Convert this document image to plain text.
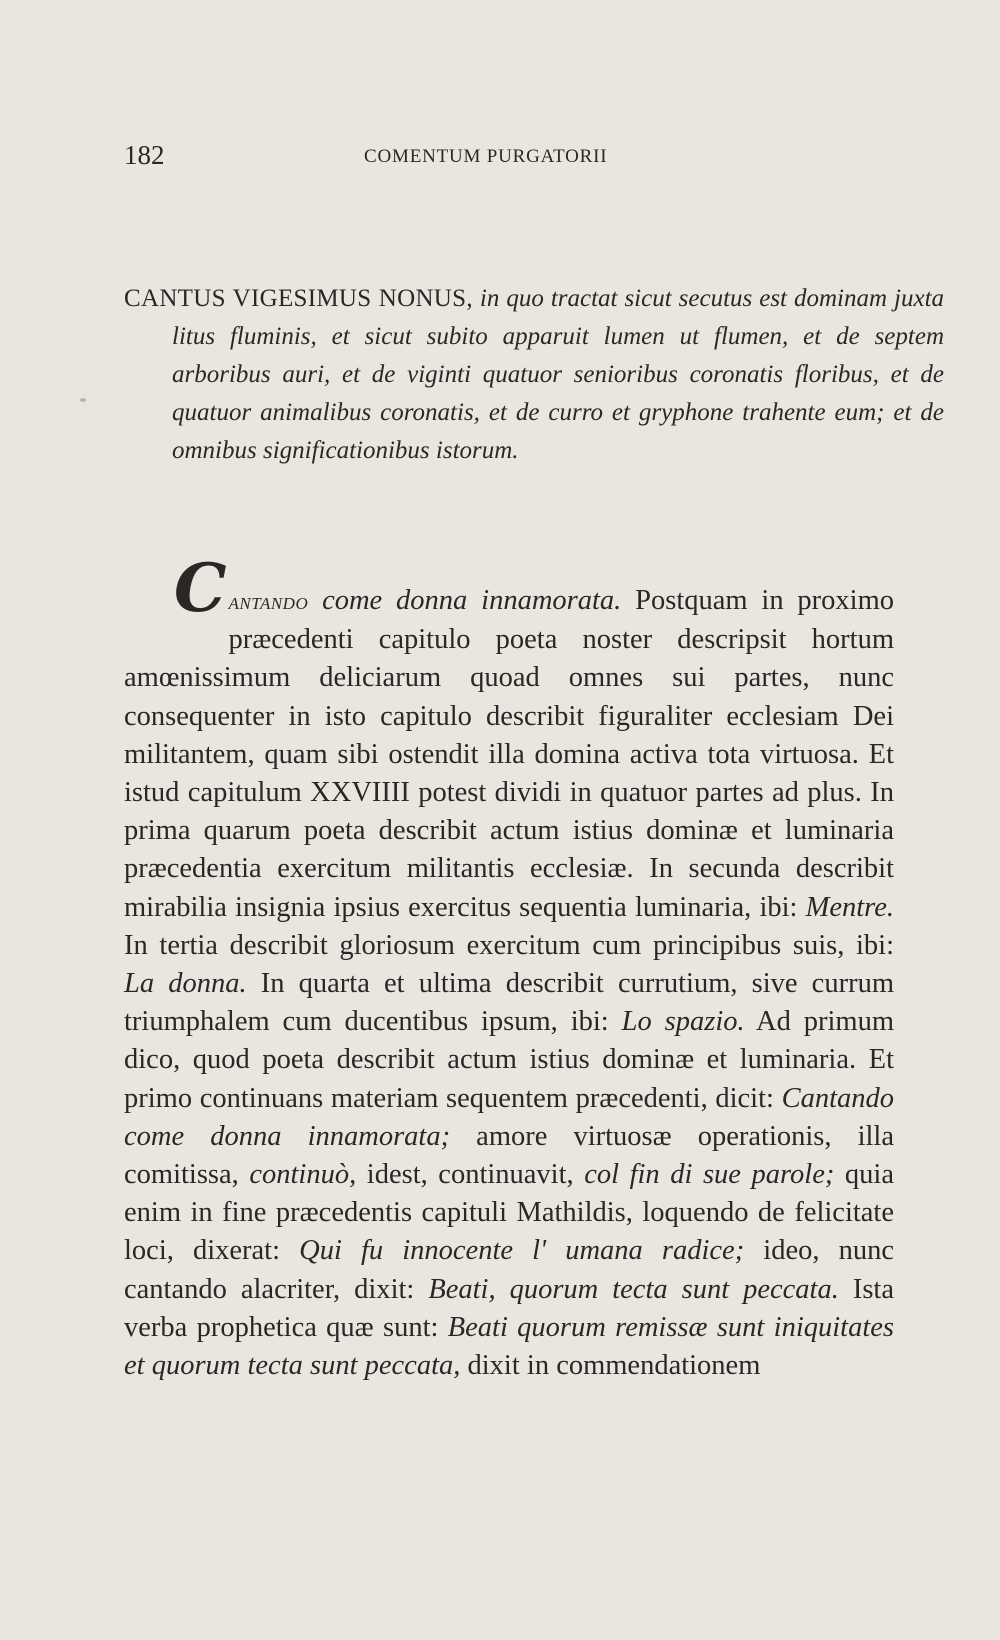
182	COMENTUM PURGATORII
CANTUS VIGESIMUS NONUS, in quo tractat sicut secutus est dominam juxta litus fluminis, et sicut subito apparuit lumen ut flumen, et de septem arboribus auri, et de viginti quatuor senioribus coronatis floribus, et de quatuor animalibus coronatis, et de curro et gryphone trahente eum; et de omnibus significationibus istorum.
Cantando come donna innamorata. Postquam in proximo præcedenti capitulo poeta noster descripsit hortum amœnissimum deliciarum quoad omnes sui partes, nunc consequenter in isto capitulo describit figuraliter ecclesiam Dei militantem, quam sibi ostendit illa domina activa tota virtuosa. Et istud capitulum XXVIIII potest dividi in quatuor partes ad plus. In prima quarum poeta describit actum istius dominæ et luminaria præcedentia exercitum militantis ecclesiæ. In secunda describit mirabilia insignia ipsius exercitus sequentia luminaria, ibi: Mentre. In tertia describit gloriosum exercitum cum principibus suis, ibi: La donna. In quarta et ultima describit currutium, sive currum triumphalem cum ducentibus ipsum, ibi: Lo spazio. Ad primum dico, quod poeta describit actum istius dominæ et luminaria. Et primo continuans materiam sequentem præcedenti, dicit: Cantando come donna innamorata; amore virtuosæ operationis, illa comitissa, continuò, idest, continuavit, col fin di sue parole; quia enim in fine præcedentis capituli Mathildis, loquendo de felicitate loci, dixerat: Qui fu innocente l' umana radice; ideo, nunc cantando alacriter, dixit: Beati, quorum tecta sunt peccata. Ista verba prophetica quæ sunt: Beati quorum remissæ sunt iniquitates et quorum tecta sunt peccata, dixit in commendationem
